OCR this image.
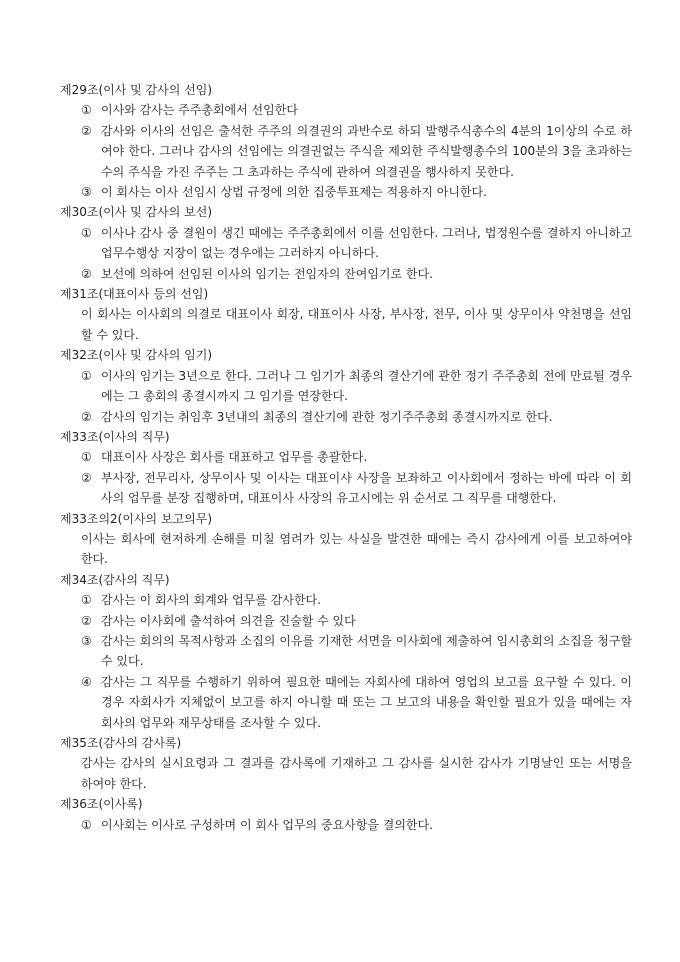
제29조(이사 및 감사의 선임)
① 이사와 감사는 주주총회에서 선임한다
② 감사와 이사의 선임은 출석한 주주의 의결권의 과반수로 하되 발행주식총수의 4분의 1이상의 수로 하여야 한다. 그러나 감사의 선임에는 의결권없는 주식을 제외한 주식발행총수의 100분의 3을 초과하는 수의 주식을 가진 주주는 그 초과하는 주식에 관하여 의결권을 행사하지 못한다.
③ 이 회사는 이사 선임시 상법 규정에 의한 집중투표제는 적용하지 아니한다.
제30조(이사 및 감사의 보선)
① 이사나 감사 중 결원이 생긴 때에는 주주총회에서 이를 선임한다. 그러나, 법정원수를 결하지 아니하고 업무수행상 지장이 없는 경우에는 그러하지 아니하다.
② 보선에 의하여 선임된 이사의 임기는 전임자의 잔여임기로 한다.
제31조(대표이사 등의 선임)
이 회사는 이사회의 의결로 대표이사 회장, 대표이사 사장, 부사장, 전무, 이사 및 상무이사 약천명을 선임할 수 있다.
제32조(이사 및 감사의 임기)
① 이사의 임기는 3년으로 한다. 그러나 그 임기가 최종의 결산기에 관한 정기 주주총회 전에 만료될 경우에는 그 총회의 종결시까지 그 임기를 연장한다.
② 감사의 임기는 취임후 3년내의 최종의 결산기에 관한 정기주주총회 종결시까지로 한다.
제33조(이사의 직무)
① 대표이사 사장은 회사를 대표하고 업무를 총괄한다.
② 부사장, 전무리사, 상무이사 및 이사는 대표이사 사장을 보좌하고 이사회에서 정하는 바에 따라 이 회사의 업무를 분장 집행하며, 대표이사 사장의 유고시에는 위 순서로 그 직무를 대행한다.
제33조의2(이사의 보고의무)
이사는 회사에 현저하게 손해를 미칠 염려가 있는 사실을 발견한 때에는 즉시 감사에게 이를 보고하여야 한다.
제34조(감사의 직무)
① 감사는 이 회사의 회계와 업무를 감사한다.
② 감사는 이사회에 출석하여 의견을 진술할 수 있다
③ 감사는 회의의 목적사항과 소집의 이유를 기재한 서면을 이사회에 제출하여 임시총회의 소집을 청구할 수 있다.
④ 감사는 그 직무를 수행하기 위하여 필요한 때에는 자회사에 대하여 영업의 보고를 요구할 수 있다. 이 경우 자회사가 지체없이 보고를 하지 아니할 때 또는 그 보고의 내용을 확인할 필요가 있을 때에는 자회사의 업무와 재무상태를 조사할 수 있다.
제35조(감사의 감사록)
감사는 감사의 실시요령과 그 결과를 감사록에 기재하고 그 감사를 실시한 감사가 기명날인 또는 서명을 하여야 한다.
제36조(이사록)
① 이사회는 이사로 구성하며 이 회사 업무의 중요사항을 결의한다.
